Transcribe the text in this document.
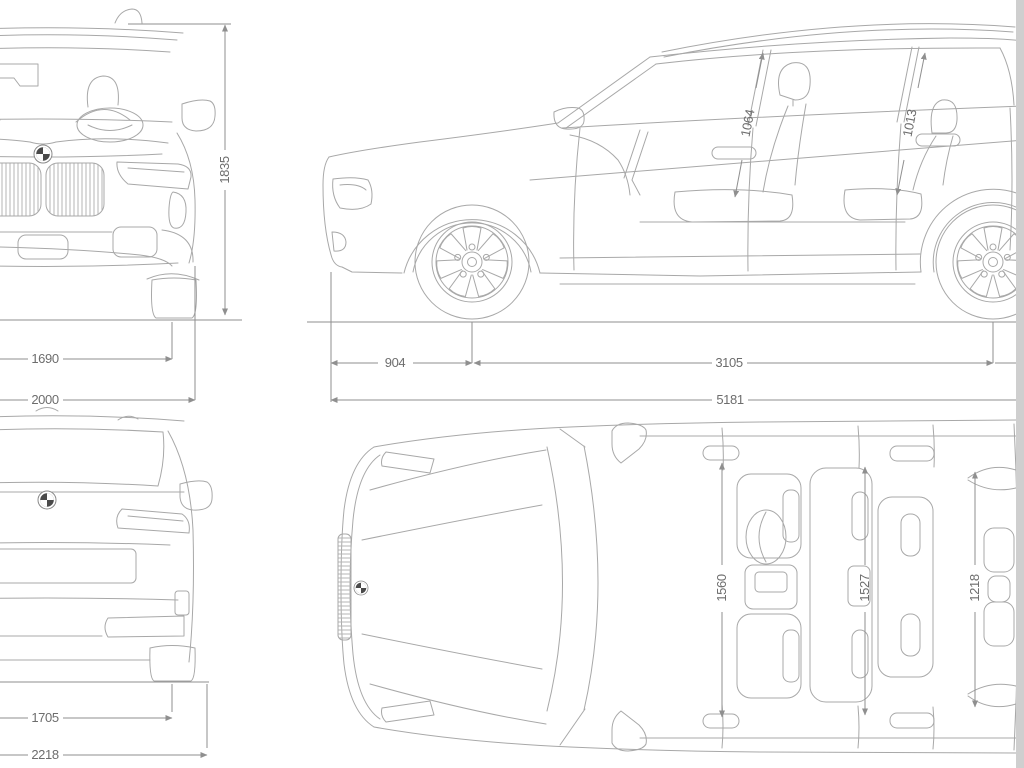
1835
1690
2000
1064	1013
904	3105
5181
1705
2218
1560	1527	1218
